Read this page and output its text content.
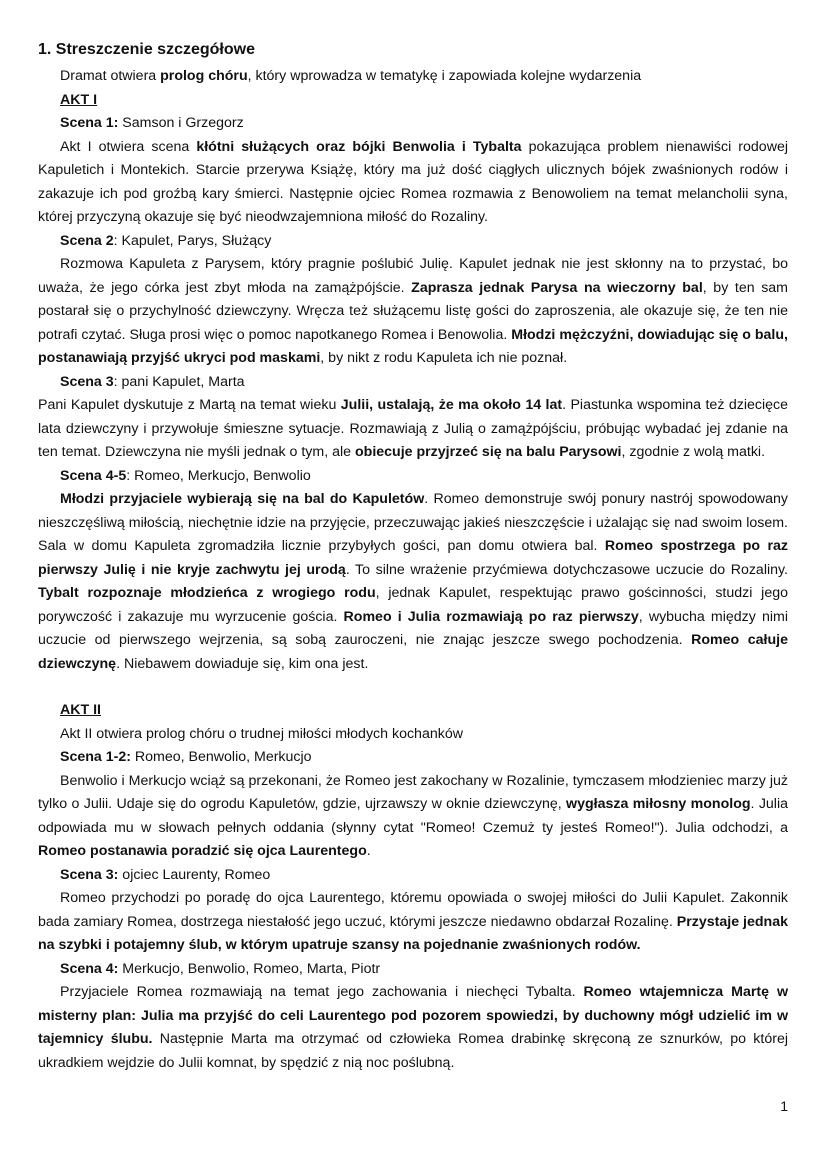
1. Streszczenie szczegółowe

Dramat otwiera prolog chóru, który wprowadza w tematykę i zapowiada kolejne wydarzenia

AKT I
Scena 1: Samson i Grzegorz

Akt I otwiera scena kłótni służących oraz bójki Benwolia i Tybalta pokazująca problem nienawiści rodowej Kapuletich i Montekich. Starcie przerywa Książę, który ma już dość ciągłych ulicznych bójek zwaśnionych rodów i zakazuje ich pod groźbą kary śmierci. Następnie ojciec Romea rozmawia z Benowoliem na temat melancholii syna, której przyczyną okazuje się być nieodwzajemniona miłość do Rozaliny.

Scena 2: Kapulet, Parys, Służący

Rozmowa Kapuleta z Parysem, który pragnie poślubić Julię. Kapulet jednak nie jest skłonny na to przystać, bo uważa, że jego córka jest zbyt młoda na zamążpójście. Zaprasza jednak Parysa na wieczorny bal, by ten sam postarał się o przychylność dziewczyny. Wręcza też służącemu listę gości do zaproszenia, ale okazuje się, że ten nie potrafi czytać. Sługa prosi więc o pomoc napotkanego Romea i Benowolia. Młodzi mężczyźni, dowiadując się o balu, postanawiają przyjść ukryci pod maskami, by nikt z rodu Kapuleta ich nie poznał.

Scena 3: pani Kapulet, Marta

Pani Kapulet dyskutuje z Martą na temat wieku Julii, ustalają, że ma około 14 lat. Piastunka wspomina też dziecięce lata dziewczyny i przywołuje śmieszne sytuacje. Rozmawiają z Julią o zamążpójściu, próbując wybadać jej zdanie na ten temat. Dziewczyna nie myśli jednak o tym, ale obiecuje przyjrzeć się na balu Parysowi, zgodnie z wolą matki.

Scena 4-5: Romeo, Merkucjo, Benwolio

Młodzi przyjaciele wybierają się na bal do Kapuletów. Romeo demonstruje swój ponury nastrój spowodowany nieszczęśliwą miłością, niechętnie idzie na przyjęcie, przeczuwając jakieś nieszczęście i użalając się nad swoim losem. Sala w domu Kapuleta zgromadziła licznie przybyłych gości, pan domu otwiera bal. Romeo spostrzega po raz pierwszy Julię i nie kryje zachwytu jej urodą. To silne wrażenie przyćmiewa dotychczasowe uczucie do Rozaliny. Tybalt rozpoznaje młodzieńca z wrogiego rodu, jednak Kapulet, respektując prawo gościnności, studzi jego porywczość i zakazuje mu wyrzucenie gościa. Romeo i Julia rozmawiają po raz pierwszy, wybucha między nimi uczucie od pierwszego wejrzenia, są sobą zauroczeni, nie znając jeszcze swego pochodzenia. Romeo całuje dziewczynę. Niebawem dowiaduje się, kim ona jest.

AKT II

Akt II otwiera prolog chóru o trudnej miłości młodych kochanków

Scena 1-2: Romeo, Benwolio, Merkucjo

Benwolio i Merkucjo wciąż są przekonani, że Romeo jest zakochany w Rozalinie, tymczasem młodzieniec marzy już tylko o Julii. Udaje się do ogrodu Kapuletów, gdzie, ujrzawszy w oknie dziewczynę, wygłasza miłosny monolog. Julia odpowiada mu w słowach pełnych oddania (słynny cytat "Romeo! Czemuż ty jesteś Romeo!"). Julia odchodzi, a Romeo postanawia poradzić się ojca Laurentego.

Scena 3: ojciec Laurenty, Romeo

Romeo przychodzi po poradę do ojca Laurentego, któremu opowiada o swojej miłości do Julii Kapulet. Zakonnik bada zamiary Romea, dostrzega niestałość jego uczuć, którymi jeszcze niedawno obdarzał Rozalinę. Przystaje jednak na szybki i potajemny ślub, w którym upatruje szansy na pojednanie zwaśnionych rodów.

Scena 4: Merkucjo, Benwolio, Romeo, Marta, Piotr

Przyjaciele Romea rozmawiają na temat jego zachowania i niechęci Tybalta. Romeo wtajemnicza Martę w misterny plan: Julia ma przyjść do celi Laurentego pod pozorem spowiedzi, by duchowny mógł udzielić im w tajemnicy ślubu. Następnie Marta ma otrzymać od człowieka Romea drabinkę skręconą ze sznurków, po której ukradkiem wejdzie do Julii komnat, by spędzić z nią noc poślubną.

1
